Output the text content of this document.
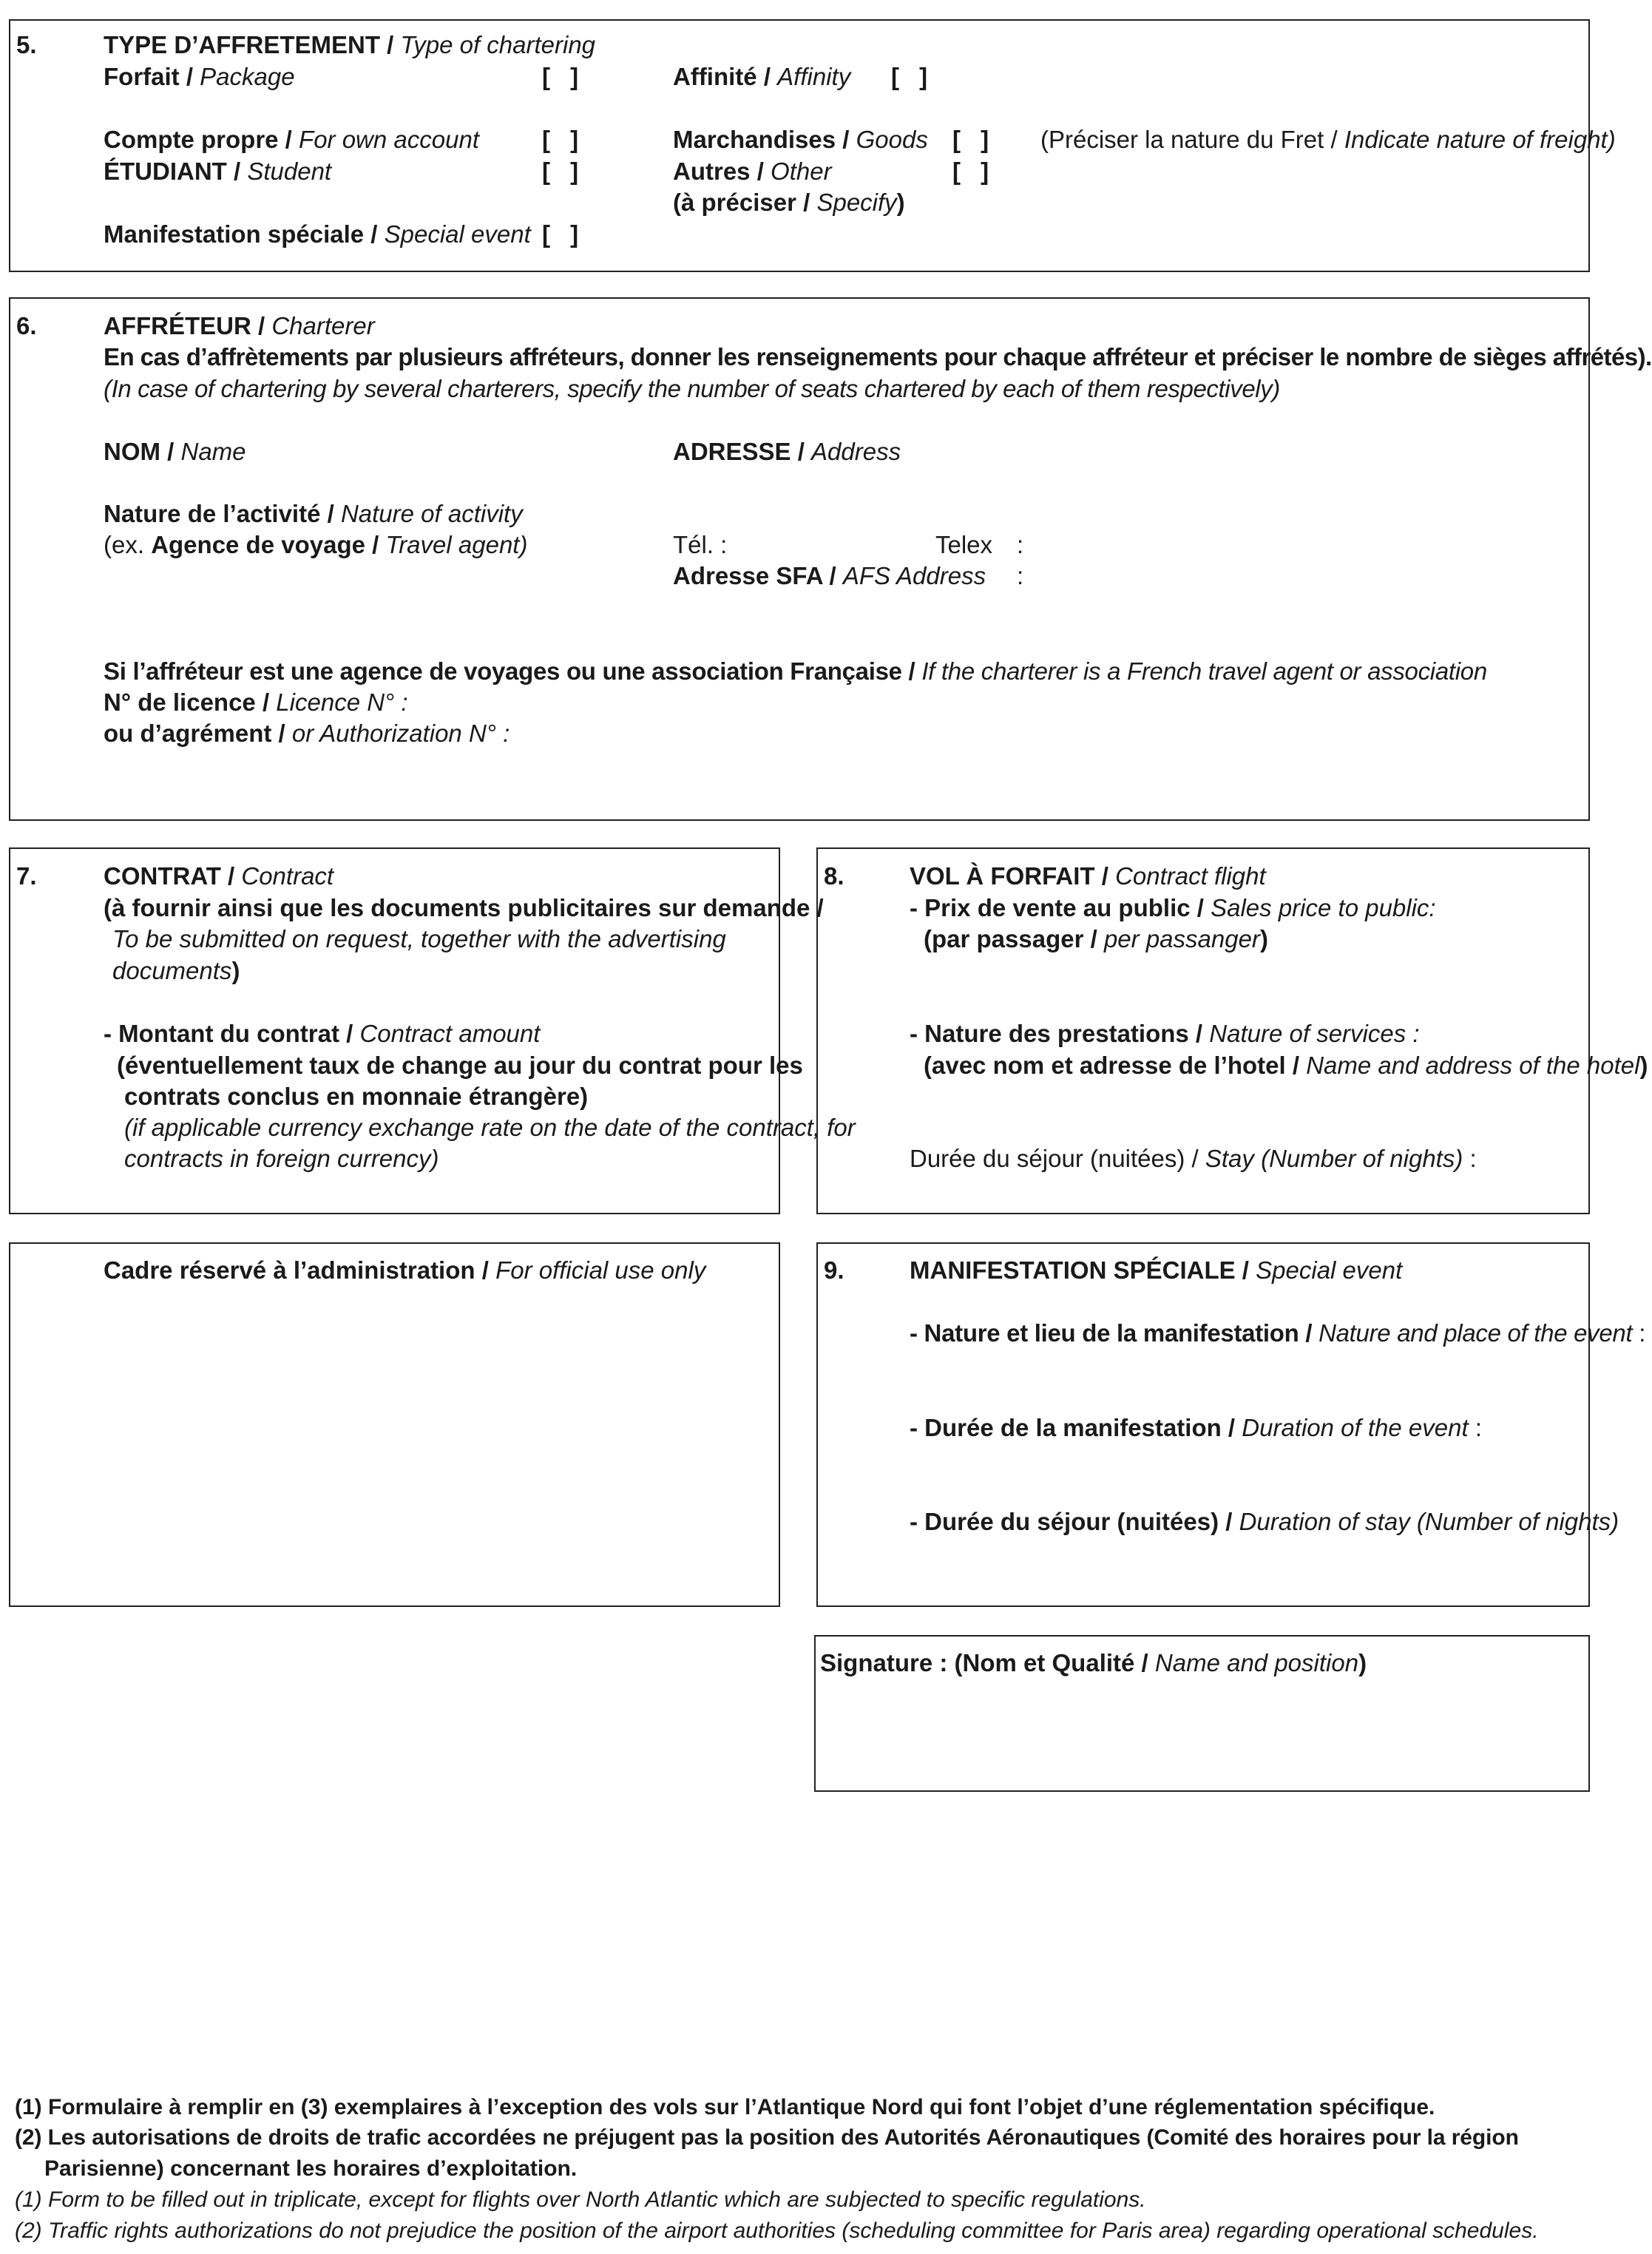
5.	TYPE D’AFFRETEMENT / Type of chartering
Forfait / Package	[ ]	Affinité / Affinity [ ]
Compte propre / For own account	[ ]	Marchandises / Goods [ ] (Préciser la nature du Fret / Indicate nature of freight)
ÉTUDIANT / Student	[ ]	Autres / Other	[ ]
(à préciser / Specify)
Manifestation spéciale / Special event [ ]
6.	AFFRÉTEUR / Charterer
En cas d’affrètements par plusieurs affréteurs, donner les renseignements pour chaque affréteur et préciser le nombre de sièges affrétés).
(In case of chartering by several charterers, specify the number of seats chartered by each of them respectively)
NOM / Name	ADRESSE / Address
Nature de l’activité / Nature of activity
(ex. Agence de voyage / Travel agent)	Tél. :	Telex :
Adresse SFA / AFS Address :
Si l’affréteur est une agence de voyages ou une association Française / If the charterer is a French travel agent or association
N° de licence / Licence N° :
ou d’agrément / or Authorization N° :
7.	CONTRAT / Contract
(à fournir ainsi que les documents publicitaires sur demande /
To be submitted on request, together with the advertising
documents)
- Montant du contrat / Contract amount
(éventuellement taux de change au jour du contrat pour les
contrats conclus en monnaie étrangère)
(if applicable currency exchange rate on the date of the contract, for
contracts in foreign currency)
8.	VOL À FORFAIT / Contract flight
- Prix de vente au public / Sales price to public:
(par passager / per passanger)
- Nature des prestations / Nature of services :
(avec nom et adresse de l’hotel / Name and address of the hotel)
Durée du séjour (nuitées) / Stay (Number of nights) :
Cadre réservé à l’administration / For official use only	9.	MANIFESTATION SPÉCIALE / Special event
- Nature et lieu de la manifestation / Nature and place of the event :
- Durée de la manifestation / Duration of the event :
- Durée du séjour (nuitées) / Duration of stay (Number of nights)
Signature : (Nom et Qualité / Name and position)
(1) Formulaire à remplir en (3) exemplaires à l’exception des vols sur l’Atlantique Nord qui font l’objet d’une réglementation spécifique.
(2) Les autorisations de droits de trafic accordées ne préjugent pas la position des Autorités Aéronautiques (Comité des horaires pour la région
Parisienne) concernant les horaires d’exploitation.
(1) Form to be filled out in triplicate, except for flights over North Atlantic which are subjected to specific regulations.
(2) Traffic rights authorizations do not prejudice the position of the airport authorities (scheduling committee for Paris area) regarding operational schedules.
